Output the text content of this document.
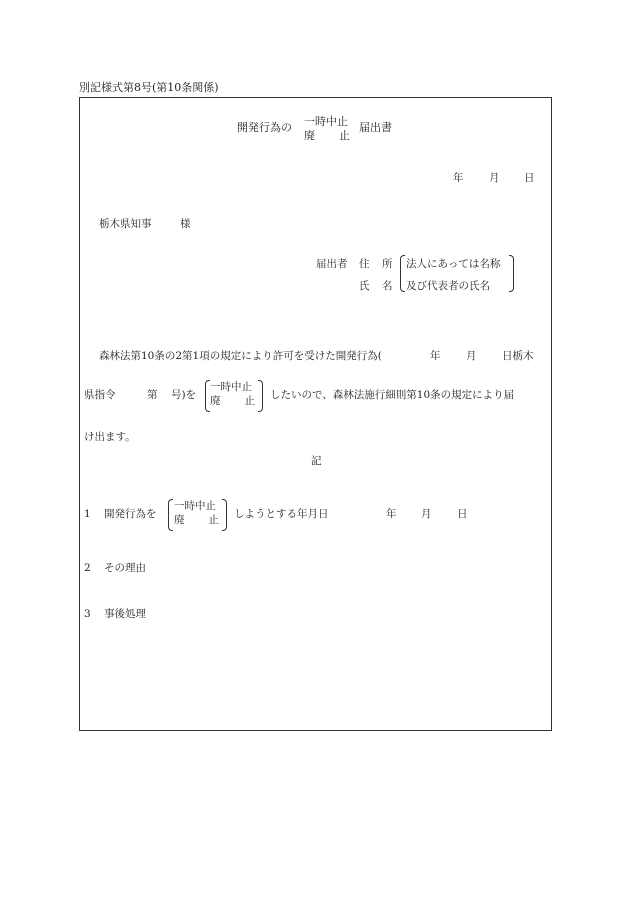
別記様式第8号(第10条関係)
開発行為の 一時中止
廃 止
届出書
年 月 日
栃木県知事	様
届出者 住 所
氏 名
法人にあっては名称
及び代表者の氏名
森林法第10条の2第1項の規定により許可を受けた開発行為(	年 月 日栃木
県指令	第 号)を
一時中止
廃 止 したいので、森林法施行細則第10条の規定により届
け出ます。
記
1 開発行為を
一時中止
廃 止 しようとする年月日	年 月 日
2 その理由
3 事後処理
